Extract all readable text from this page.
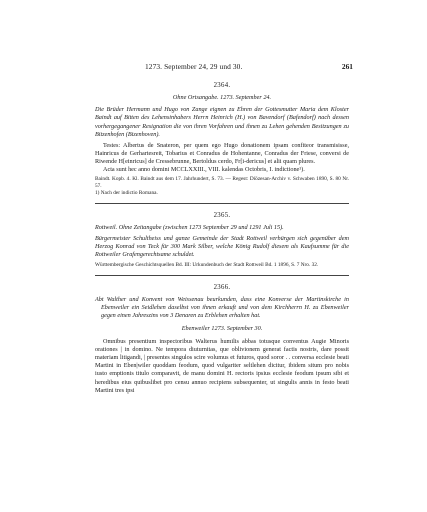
1273. September 24, 29 und 30.	261
2364.
Ohne Ortsangabe. 1273. September 24.

Die Brüder Hermann und Hugo von Zange eignen zu Ehren der Gottesmutter Maria dem Kloster Baindt auf Bitten des Lehensinhabers Herrn Heinrich (H.) von Bavendorf (Bafendorf) nach dessen vorhergegangener Resignation die von ihren Vorfahren und ihnen zu Lehen gehenden Besitzungen zu Bitzenhofen (Bizenhoven).

Testes: Albertus de Snateron, per quem ego Hugo donationem ipsam confiteor transmisisse, Hainricus de Gerhartesreit, Tobarius et Conradus de Hohentanne, Conradus der Friese, conversi de Riwende H[einricus] de Cressebrunne, Bertoldus cerdo, Fr[i-dericus] et alii quam plures.

Acta sunt hec anno domini MCCLXXIII., VIII. kalendas Octobris, I. indictione¹).

Baindt. Kopb. 4. Kl. Baindt aus dem 17. Jahrhundert, S. 73. — Regest: Diözesan-Archiv v. Schwaben 1890, S. 80 Nr. 57.

1) Nach der indictio Romana.

2365.

Rottweil. Ohne Zeitangabe (zwischen 1273 September 29 und 1291 Juli 15).

Bürgermeister Schultheiss und ganze Gemeinde der Stadt Rottweil verbürgen sich gegenüber dem Herzog Konrad von Teck für 300 Mark Silber, welche König Rudolf diesem als Kaufsumme für die Rottweiler Grafengerechtsame schuldet.

Württembergische Geschichtsquellen Bd. III: Urkundenbuch der Stadt Rottweil Bd. 1 1896, S. 7 Nro. 32.

2366.

Abt Walther und Konvent von Weissenau beurkunden, dass eine Konverse der Martinskirche in Ebenweiler ein Seidlehen daselbst von ihnen erkauft und von dem Kirchherrn H. zu Ebenweiler gegen einen Jahreszins von 3 Denaren zu Erblehen erhalten hat.

Ebenweiler 1273. September 30.

Omnibus presentium inspectoribus Walterus humilis abbas totusque conventus Augie Minoris orationes | in domino. Ne tempora diuturnitas, que oblivionem generat factis nostris, dare possit materiam litigandi, | presentes singulos scire volumus et futuros, quod soror . . conversa ecclesie beati Martini in Eben|wiler quoddam feodum, quod vulgariter seltlehen dicitur, ibidem situm pro nobis iusto emptionis titulo comparavit, de manu domini H. rectoris ipsius ecclesie feodum ipsum sibi et heredibus eius quibuslibet pro censu annuo recipiens subsequenter, ut singulis annis in festo beati Martini tres ipsi
